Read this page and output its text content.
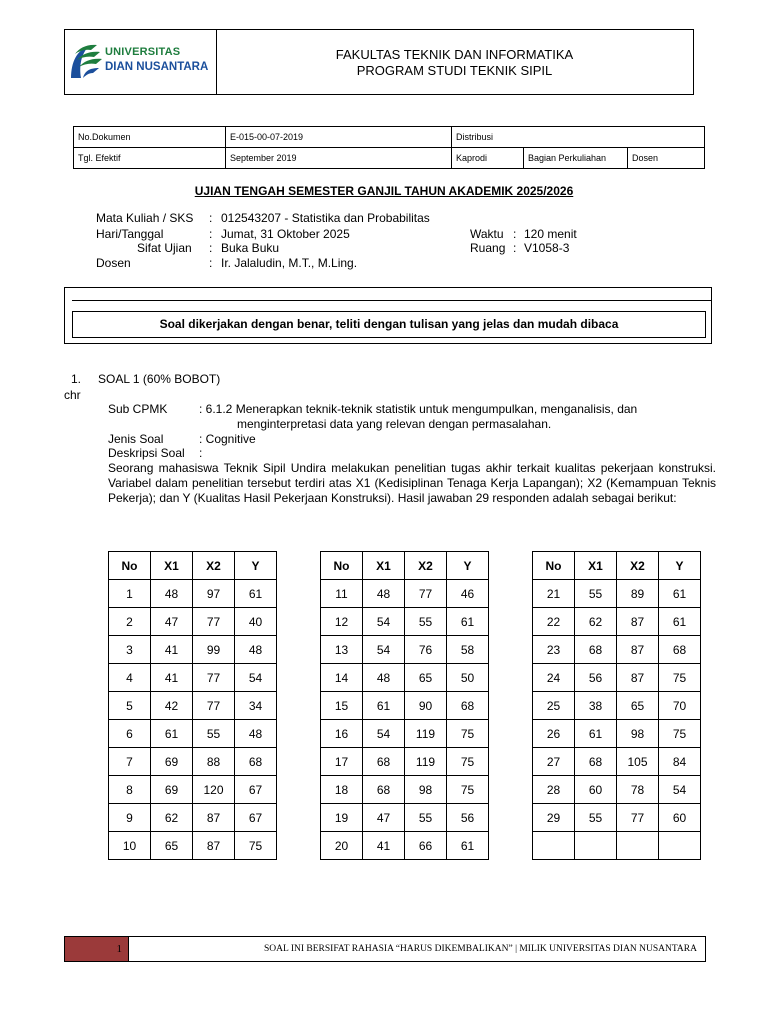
UNIVERSITAS
DIAN NUSANTARA
FAKULTAS TEKNIK DAN INFORMATIKA
PROGRAM STUDI TEKNIK SIPIL
No.Dokumen	E-015-00-07-2019	Distribusi		
Tgl. Efektif	September 2019	Kaprodi	Bagian Perkuliahan	Dosen
UJIAN TENGAH SEMESTER GANJIL TAHUN AKADEMIK 2025/2026
Mata Kuliah / SKS : 012543207 - Statistika dan Probabilitas
Hari/Tanggal	: Jumat, 31 Oktober 2025
Sifat Ujian : Buka Buku
Dosen	: Ir. Jalaludin, M.T., M.Ling.
Waktu : 120 menit
Ruang : V1058-3
Soal dikerjakan dengan benar, teliti dengan tulisan yang jelas dan mudah dibaca
1. SOAL 1 (60% BOBOT)
chr
Sub CPMK	: 6.1.2 Menerapkan teknik-teknik statistik untuk mengumpulkan, menganalisis, dan
menginterpretasi data yang relevan dengan permasalahan.
Jenis Soal	: Cognitive
Deskripsi Soal :
Seorang mahasiswa Teknik Sipil Undira melakukan penelitian tugas akhir terkait kualitas pekerjaan konstruksi. Variabel dalam penelitian tersebut terdiri atas X1 (Kedisiplinan Tenaga Kerja Lapangan); X2 (Kemampuan Teknis Pekerja); dan Y (Kualitas Hasil Pekerjaan Konstruksi). Hasil jawaban 29 responden adalah sebagai berikut:
No	X1	X2	Y
1	48	97	61
2	47	77	40
3	41	99	48
4	41	77	54
5	42	77	34
6	61	55	48
7	69	88	68
8	69	120	67
9	62	87	67
10	65	87	75
No	X1	X2	Y
11	48	77	46
12	54	55	61
13	54	76	58
14	48	65	50
15	61	90	68
16	54	119	75
17	68	119	75
18	68	98	75
19	47	55	56
20	41	66	61
No	X1	X2	Y
21	55	89	61
22	62	87	61
23	68	87	68
24	56	87	75
25	38	65	70
26	61	98	75
27	68	105	84
28	60	78	54
29	55	77	60

1	SOAL INI BERSIFAT RAHASIA “HARUS DIKEMBALIKAN” | MILIK UNIVERSITAS DIAN NUSANTARA
